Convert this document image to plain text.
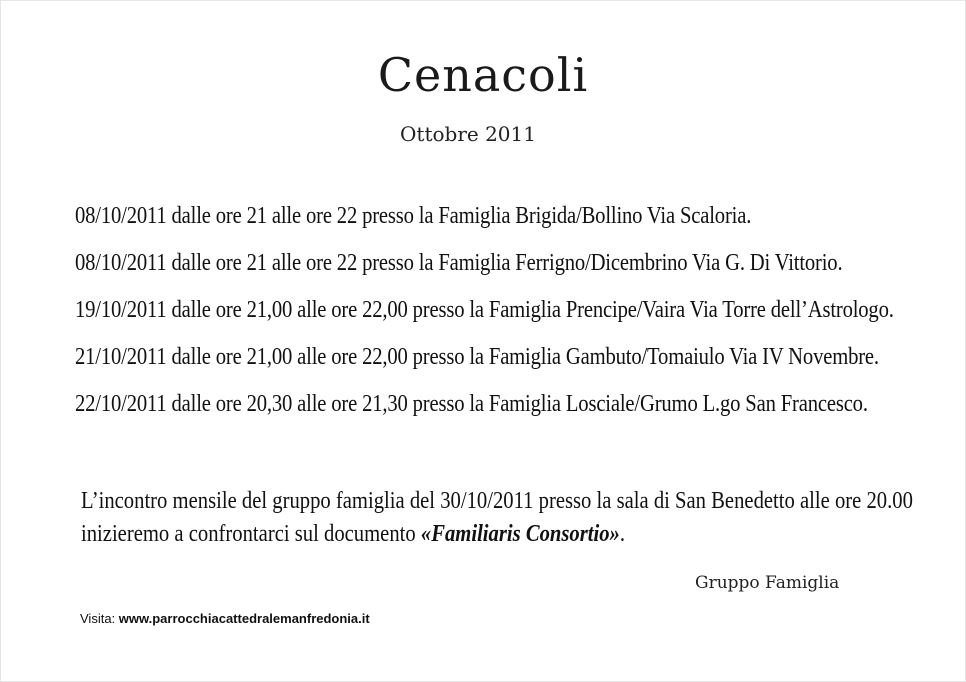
Cenacoli
Ottobre 2011
08/10/2011 dalle ore 21 alle ore 22 presso la Famiglia Brigida/Bollino Via Scaloria.
08/10/2011 dalle ore 21 alle ore 22 presso la Famiglia Ferrigno/Dicembrino Via G. Di Vittorio.
19/10/2011 dalle ore 21,00 alle ore 22,00 presso la Famiglia Prencipe/Vaira Via Torre dell’Astrologo.
21/10/2011 dalle ore 21,00 alle ore 22,00 presso la Famiglia Gambuto/Tomaiulo Via IV Novembre.
22/10/2011 dalle ore 20,30 alle ore 21,30 presso la Famiglia Losciale/Grumo L.go San Francesco.
L’incontro mensile del gruppo famiglia del 30/10/2011 presso la sala di San Benedetto alle ore 20.00
inizieremo a confrontarci sul documento «Familiaris Consortio».
Gruppo Famiglia
Visita: www.parrocchiacattedralemanfredonia.it
